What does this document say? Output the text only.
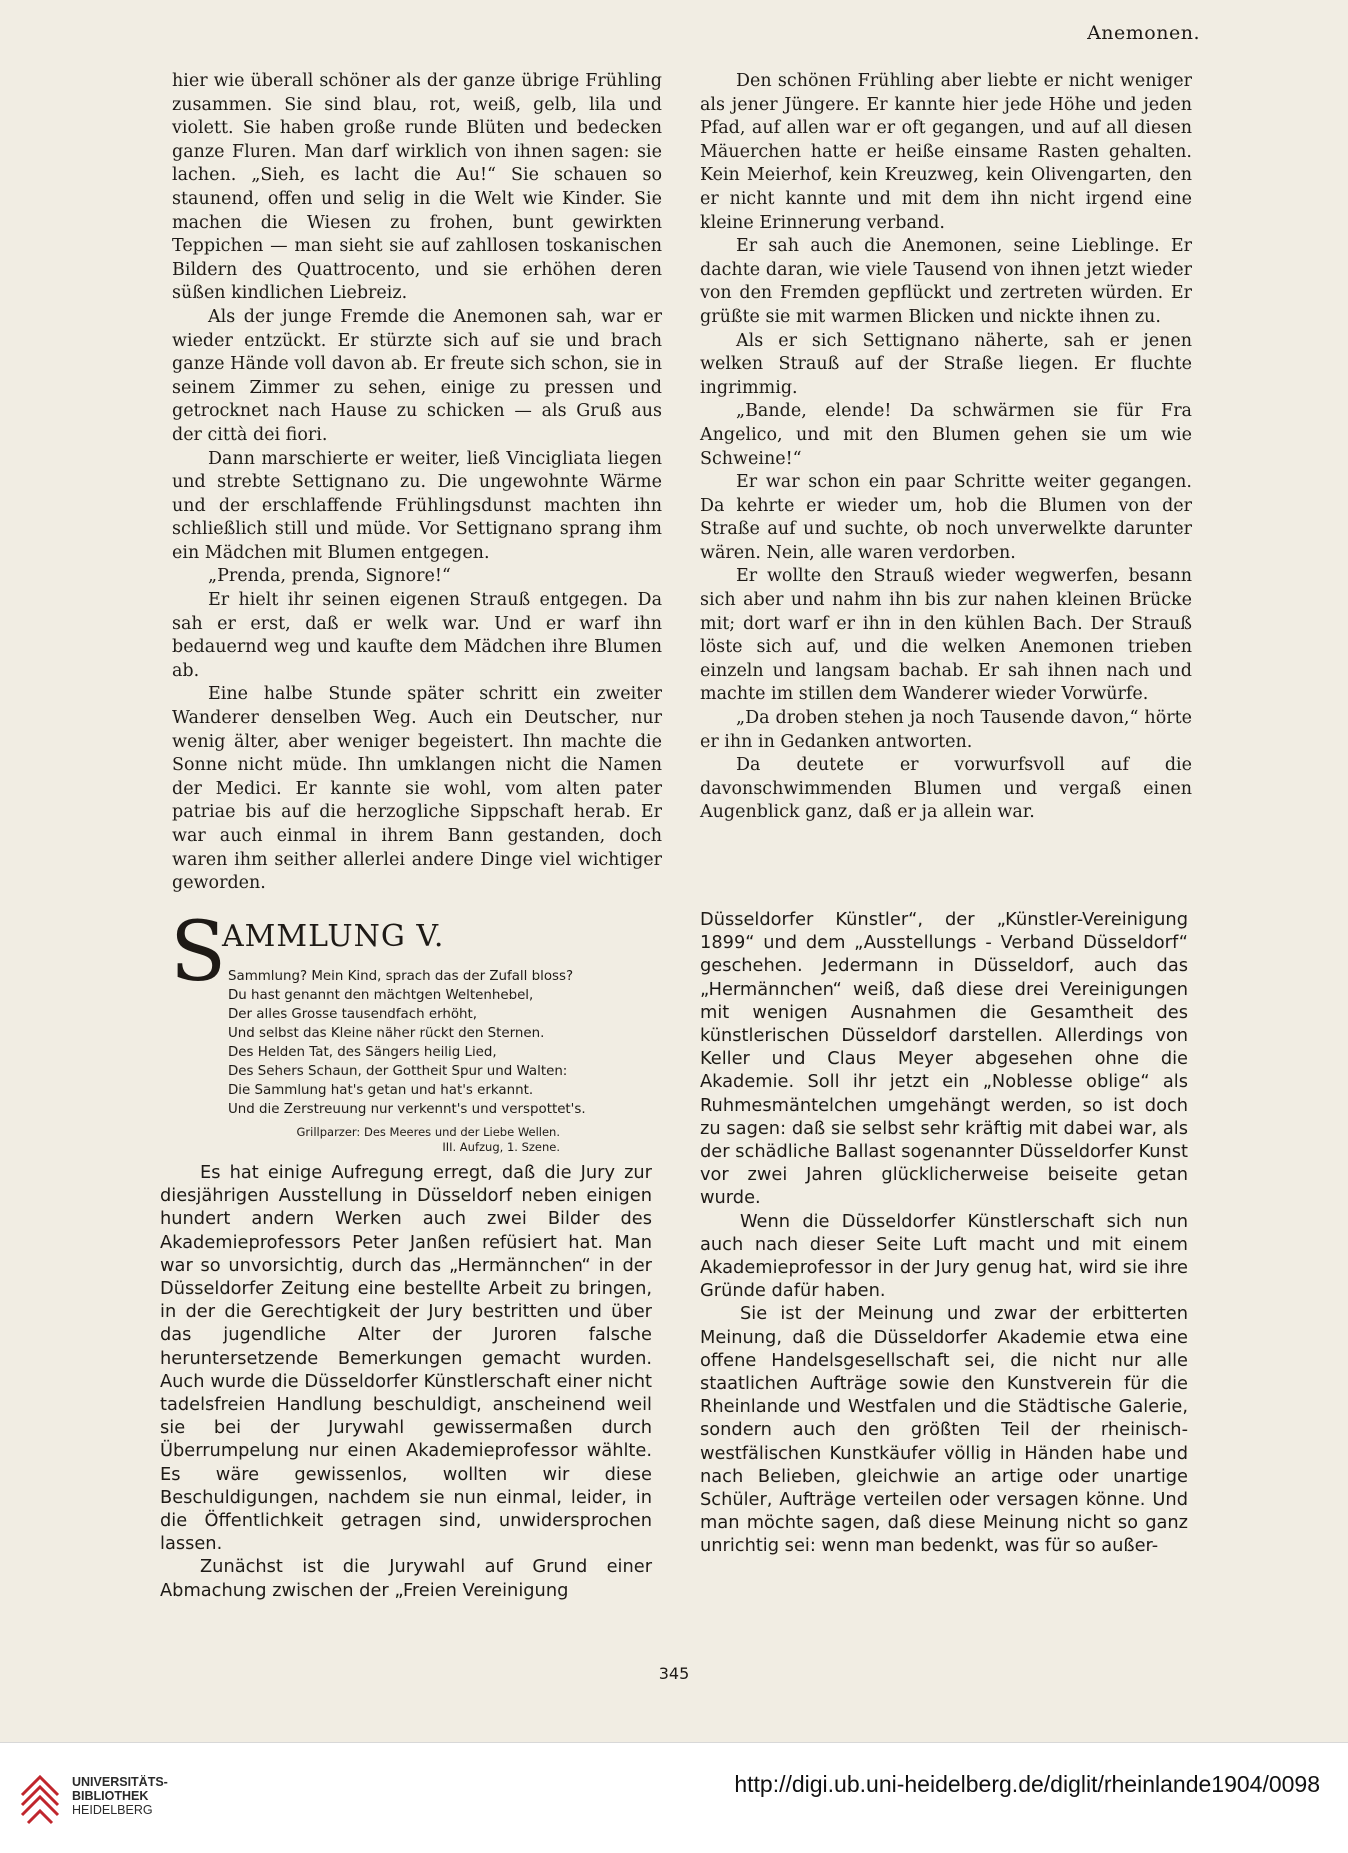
Anemonen.

hier wie überall schöner als der ganze übrige Frühling zusammen. Sie sind blau, rot, weiß, gelb, lila und violett. Sie haben große runde Blüten und bedecken ganze Fluren. Man darf wirklich von ihnen sagen: sie lachen. „Sieh, es lacht die Au!“ Sie schauen so staunend, offen und selig in die Welt wie Kinder. Sie machen die Wiesen zu frohen, bunt gewirkten Teppichen — man sieht sie auf zahllosen toskanischen Bildern des Quattrocento, und sie erhöhen deren süßen kindlichen Liebreiz.

Als der junge Fremde die Anemonen sah, war er wieder entzückt. Er stürzte sich auf sie und brach ganze Hände voll davon ab. Er freute sich schon, sie in seinem Zimmer zu sehen, einige zu pressen und getrocknet nach Hause zu schicken — als Gruß aus der città dei fiori.

Dann marschierte er weiter, ließ Vincigliata liegen und strebte Settignano zu. Die ungewohnte Wärme und der erschlaffende Frühlingsdunst machten ihn schließlich still und müde. Vor Settignano sprang ihm ein Mädchen mit Blumen entgegen.

„Prenda, prenda, Signore!“

Er hielt ihr seinen eigenen Strauß entgegen. Da sah er erst, daß er welk war. Und er warf ihn bedauernd weg und kaufte dem Mädchen ihre Blumen ab.

Eine halbe Stunde später schritt ein zweiter Wanderer denselben Weg. Auch ein Deutscher, nur wenig älter, aber weniger begeistert. Ihn machte die Sonne nicht müde. Ihn umklangen nicht die Namen der Medici. Er kannte sie wohl, vom alten pater patriae bis auf die herzogliche Sippschaft herab. Er war auch einmal in ihrem Bann gestanden, doch waren ihm seither allerlei andere Dinge viel wichtiger geworden.

Den schönen Frühling aber liebte er nicht weniger als jener Jüngere. Er kannte hier jede Höhe und jeden Pfad, auf allen war er oft gegangen, und auf all diesen Mäuerchen hatte er heiße einsame Rasten gehalten. Kein Meierhof, kein Kreuzweg, kein Olivengarten, den er nicht kannte und mit dem ihn nicht irgend eine kleine Erinnerung verband.

Er sah auch die Anemonen, seine Lieblinge. Er dachte daran, wie viele Tausend von ihnen jetzt wieder von den Fremden gepflückt und zertreten würden. Er grüßte sie mit warmen Blicken und nickte ihnen zu.

Als er sich Settignano näherte, sah er jenen welken Strauß auf der Straße liegen. Er fluchte ingrimmig.

„Bande, elende! Da schwärmen sie für Fra Angelico, und mit den Blumen gehen sie um wie Schweine!“

Er war schon ein paar Schritte weiter gegangen. Da kehrte er wieder um, hob die Blumen von der Straße auf und suchte, ob noch unverwelkte darunter wären. Nein, alle waren verdorben.

Er wollte den Strauß wieder wegwerfen, besann sich aber und nahm ihn bis zur nahen kleinen Brücke mit; dort warf er ihn in den kühlen Bach. Der Strauß löste sich auf, und die welken Anemonen trieben einzeln und langsam bachab. Er sah ihnen nach und machte im stillen dem Wanderer wieder Vorwürfe.

„Da droben stehen ja noch Tausende davon,“ hörte er ihn in Gedanken antworten.

Da deutete er vorwurfsvoll auf die davonschwimmenden Blumen und vergaß einen Augenblick ganz, daß er ja allein war.

S
AMMLUNG V.
Sammlung? Mein Kind, sprach das der Zufall bloss?
Du hast genannt den mächtgen Weltenhebel,
Der alles Grosse tausendfach erhöht,
Und selbst das Kleine näher rückt den Sternen.
Des Helden Tat, des Sängers heilig Lied,
Des Sehers Schaun, der Gottheit Spur und Walten:
Die Sammlung hat's getan und hat's erkannt.
Und die Zerstreuung nur verkennt's und verspottet's.
Grillparzer: Des Meeres und der Liebe Wellen.
III. Aufzug, 1. Szene.

Es hat einige Aufregung erregt, daß die Jury zur diesjährigen Ausstellung in Düsseldorf neben einigen hundert andern Werken auch zwei Bilder des Akademieprofessors Peter Janßen refüsiert hat. Man war so unvorsichtig, durch das „Hermännchen“ in der Düsseldorfer Zeitung eine bestellte Arbeit zu bringen, in der die Gerechtigkeit der Jury bestritten und über das jugendliche Alter der Juroren falsche heruntersetzende Bemerkungen gemacht wurden. Auch wurde die Düsseldorfer Künstlerschaft einer nicht tadelsfreien Handlung beschuldigt, anscheinend weil sie bei der Jurywahl gewissermaßen durch Überrumpelung nur einen Akademieprofessor wählte. Es wäre gewissenlos, wollten wir diese Beschuldigungen, nachdem sie nun einmal, leider, in die Öffentlichkeit getragen sind, unwidersprochen lassen.

Zunächst ist die Jurywahl auf Grund einer Abmachung zwischen der „Freien Vereinigung

Düsseldorfer Künstler“, der „Künstler-Vereinigung 1899“ und dem „Ausstellungs - Verband Düsseldorf“ geschehen. Jedermann in Düsseldorf, auch das „Hermännchen“ weiß, daß diese drei Vereinigungen mit wenigen Ausnahmen die Gesamtheit des künstlerischen Düsseldorf darstellen. Allerdings von Keller und Claus Meyer abgesehen ohne die Akademie. Soll ihr jetzt ein „Noblesse oblige“ als Ruhmesmäntelchen umgehängt werden, so ist doch zu sagen: daß sie selbst sehr kräftig mit dabei war, als der schädliche Ballast sogenannter Düsseldorfer Kunst vor zwei Jahren glücklicherweise beiseite getan wurde.

Wenn die Düsseldorfer Künstlerschaft sich nun auch nach dieser Seite Luft macht und mit einem Akademieprofessor in der Jury genug hat, wird sie ihre Gründe dafür haben.

Sie ist der Meinung und zwar der erbitterten Meinung, daß die Düsseldorfer Akademie etwa eine offene Handelsgesellschaft sei, die nicht nur alle staatlichen Aufträge sowie den Kunstverein für die Rheinlande und Westfalen und die Städtische Galerie, sondern auch den größten Teil der rheinisch-westfälischen Kunstkäufer völlig in Händen habe und nach Belieben, gleichwie an artige oder unartige Schüler, Aufträge verteilen oder versagen könne. Und man möchte sagen, daß diese Meinung nicht so ganz unrichtig sei: wenn man bedenkt, was für so außer-

345
UNIVERSITÄTS-
BIBLIOTHEK
HEIDELBERG
http://digi.ub.uni-heidelberg.de/diglit/rheinlande1904/0098
